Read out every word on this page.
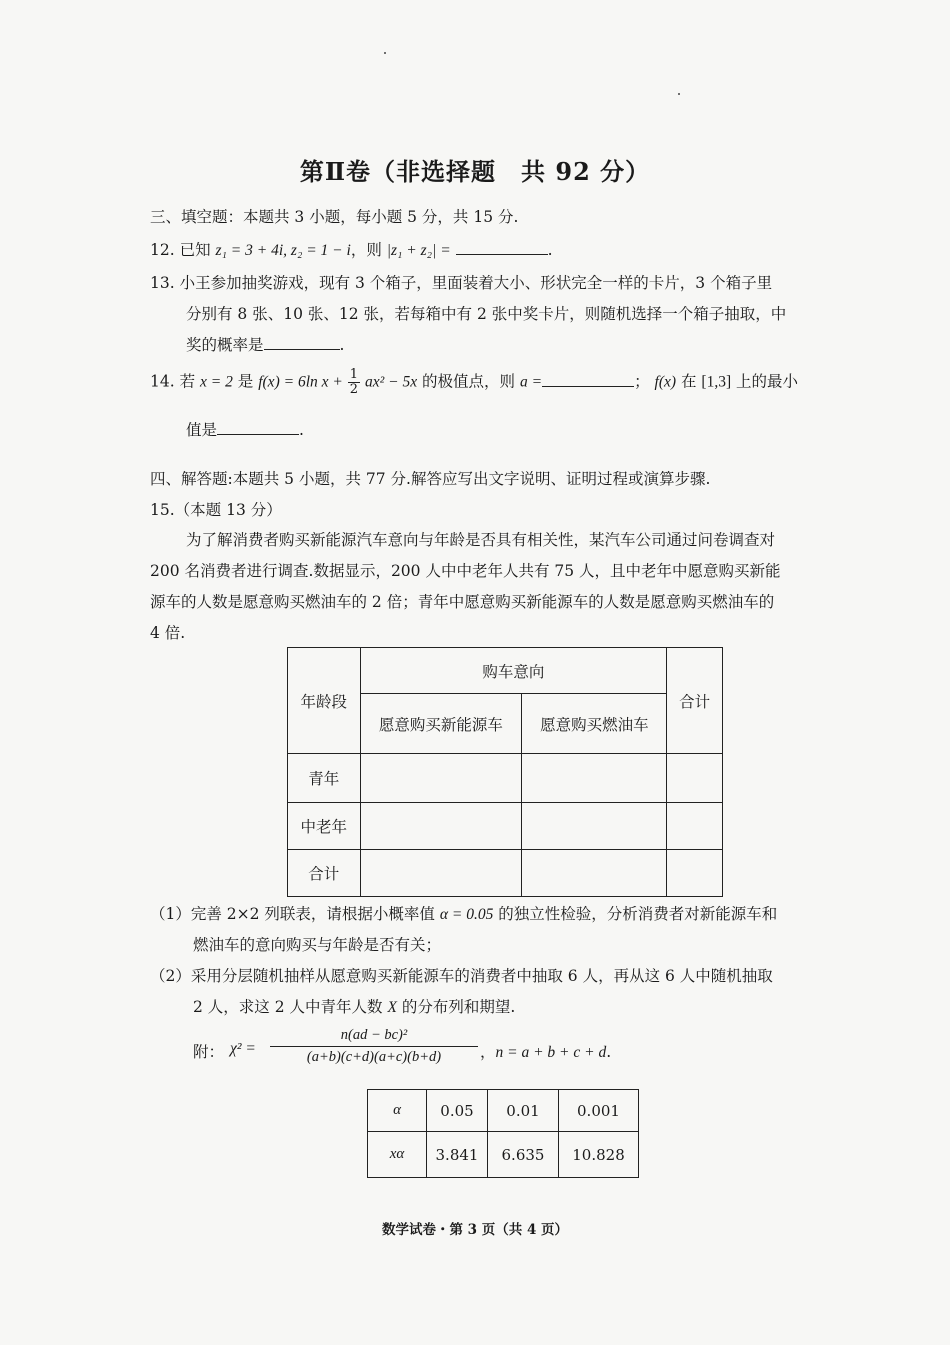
第Ⅱ卷（非选择题　共 92 分）
三、填空题：本题共 3 小题，每小题 5 分，共 15 分.
12. 已知 z₁ = 3 + 4i, z₂ = 1 − i，则 |z₁ + z₂| =	.
13. 小王参加抽奖游戏，现有 3 个箱子，里面装着大小、形状完全一样的卡片，3 个箱子里
分别有 8 张、10 张、12 张，若每箱中有 2 张中奖卡片，则随机选择一个箱子抽取，中
奖的概率是	.
14. 若 x = 2 是 f(x) = 6ln $x + \frac{1}{2} ax^2 - 5x$ 的极值点，则 a =	； f(x) 在 [1,3] 上的最小
值是	.
四、解答题:本题共 5 小题，共 77 分.解答应写出文字说明、证明过程或演算步骤.
15.（本题 13 分）
为了解消费者购买新能源汽车意向与年龄是否具有相关性，某汽车公司通过问卷调查对
200 名消费者进行调查.数据显示，200 人中中老年人共有 75 人，且中老年中愿意购买新能
源车的人数是愿意购买燃油车的 2 倍；青年中愿意购买新能源车的人数是愿意购买燃油车的
4 倍.
年龄段	购车意向		合计
	愿意购买新能源车	愿意购买燃油车	
青年			
中老年			
合计			
（1）完善 2×2 列联表，请根据小概率值 α = 0.05 的独立性检验，分析消费者对新能源车和
燃油车的意向购买与年龄是否有关；
（2）采用分层随机抽样从愿意购买新能源车的消费者中抽取 6 人，再从这 6 人中随机抽取
2 人，求这 2 人中青年人数 X 的分布列和期望.
附： $\chi^2 = \frac{\text{n(ad − bc)²}}{(a+b)(c+d)(a+c)(b+d)}$ ，n = a + b + c + d.
α	0.05	0.01	0.001
xα	3.841	6.635	10.828
数学试卷・第 3 页（共 4 页）
